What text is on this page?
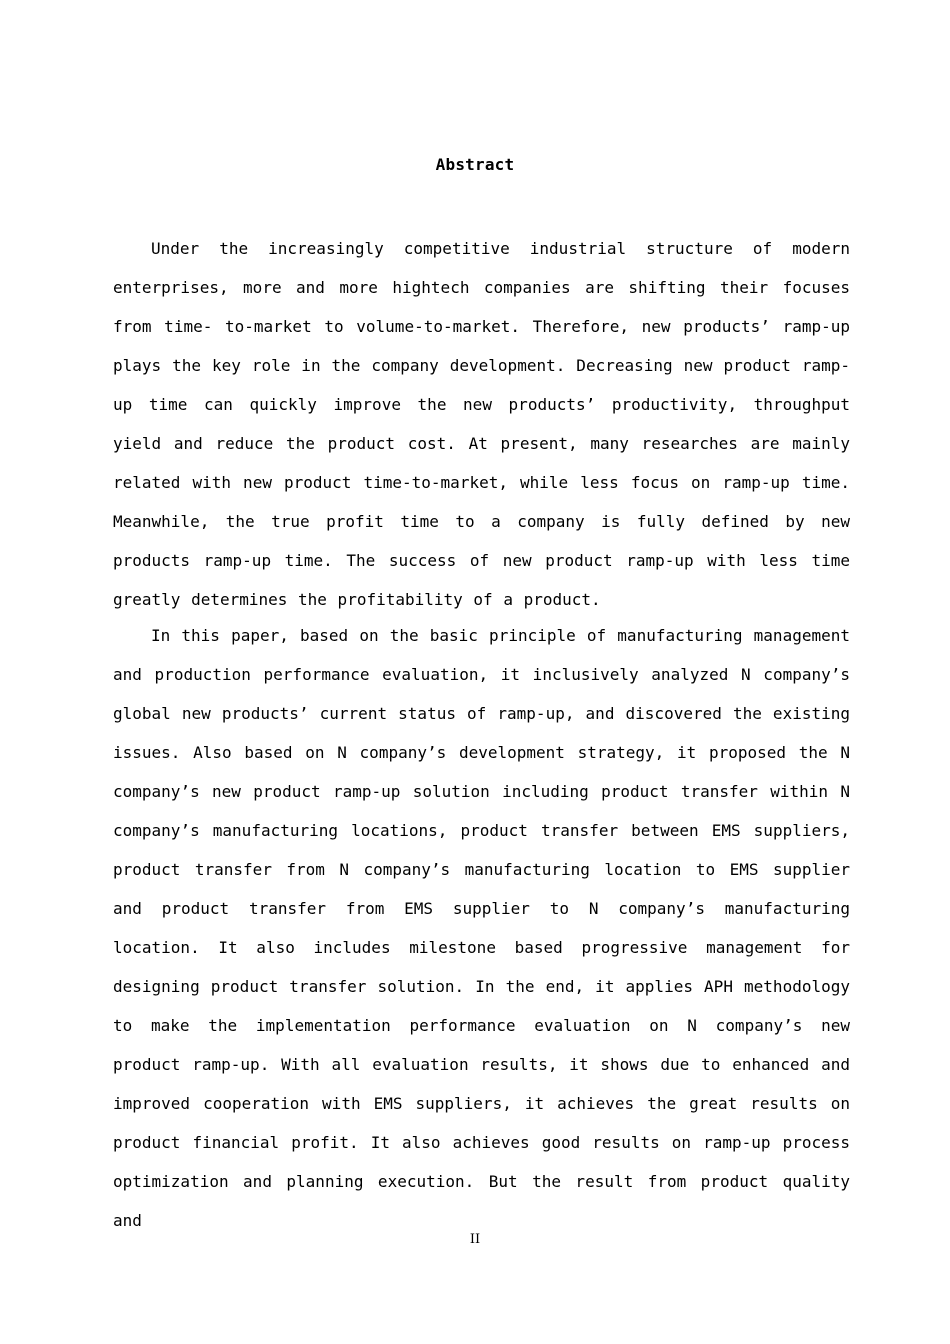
Abstract

Under the increasingly competitive industrial structure of modern enterprises, more and more hightech companies are shifting their focuses from time- to-market to volume-to-market. Therefore, new products’ ramp-up plays the key role in the company development. Decreasing new product ramp-up time can quickly improve the new products’ productivity, throughput yield and reduce the product cost. At present, many researches are mainly related with new product time-to-market, while less focus on ramp-up time. Meanwhile, the true profit time to a company is fully defined by new products ramp-up time. The success of new product ramp-up with less time greatly determines the profitability of a product.

In this paper, based on the basic principle of manufacturing management and production performance evaluation, it inclusively analyzed N company’s global new products’ current status of ramp-up, and discovered the existing issues. Also based on N company’s development strategy, it proposed the N company’s new product ramp-up solution including product transfer within N company’s manufacturing locations, product transfer between EMS suppliers, product transfer from N company’s manufacturing location to EMS supplier and product transfer from EMS supplier to N company’s manufacturing location. It also includes milestone based progressive management for designing product transfer solution. In the end, it applies APH methodology to make the implementation performance evaluation on N company’s new product ramp-up. With all evaluation results, it shows due to enhanced and improved cooperation with EMS suppliers, it achieves the great results on product financial profit. It also achieves good results on ramp-up process optimization and planning execution. But the result from product quality and

II
